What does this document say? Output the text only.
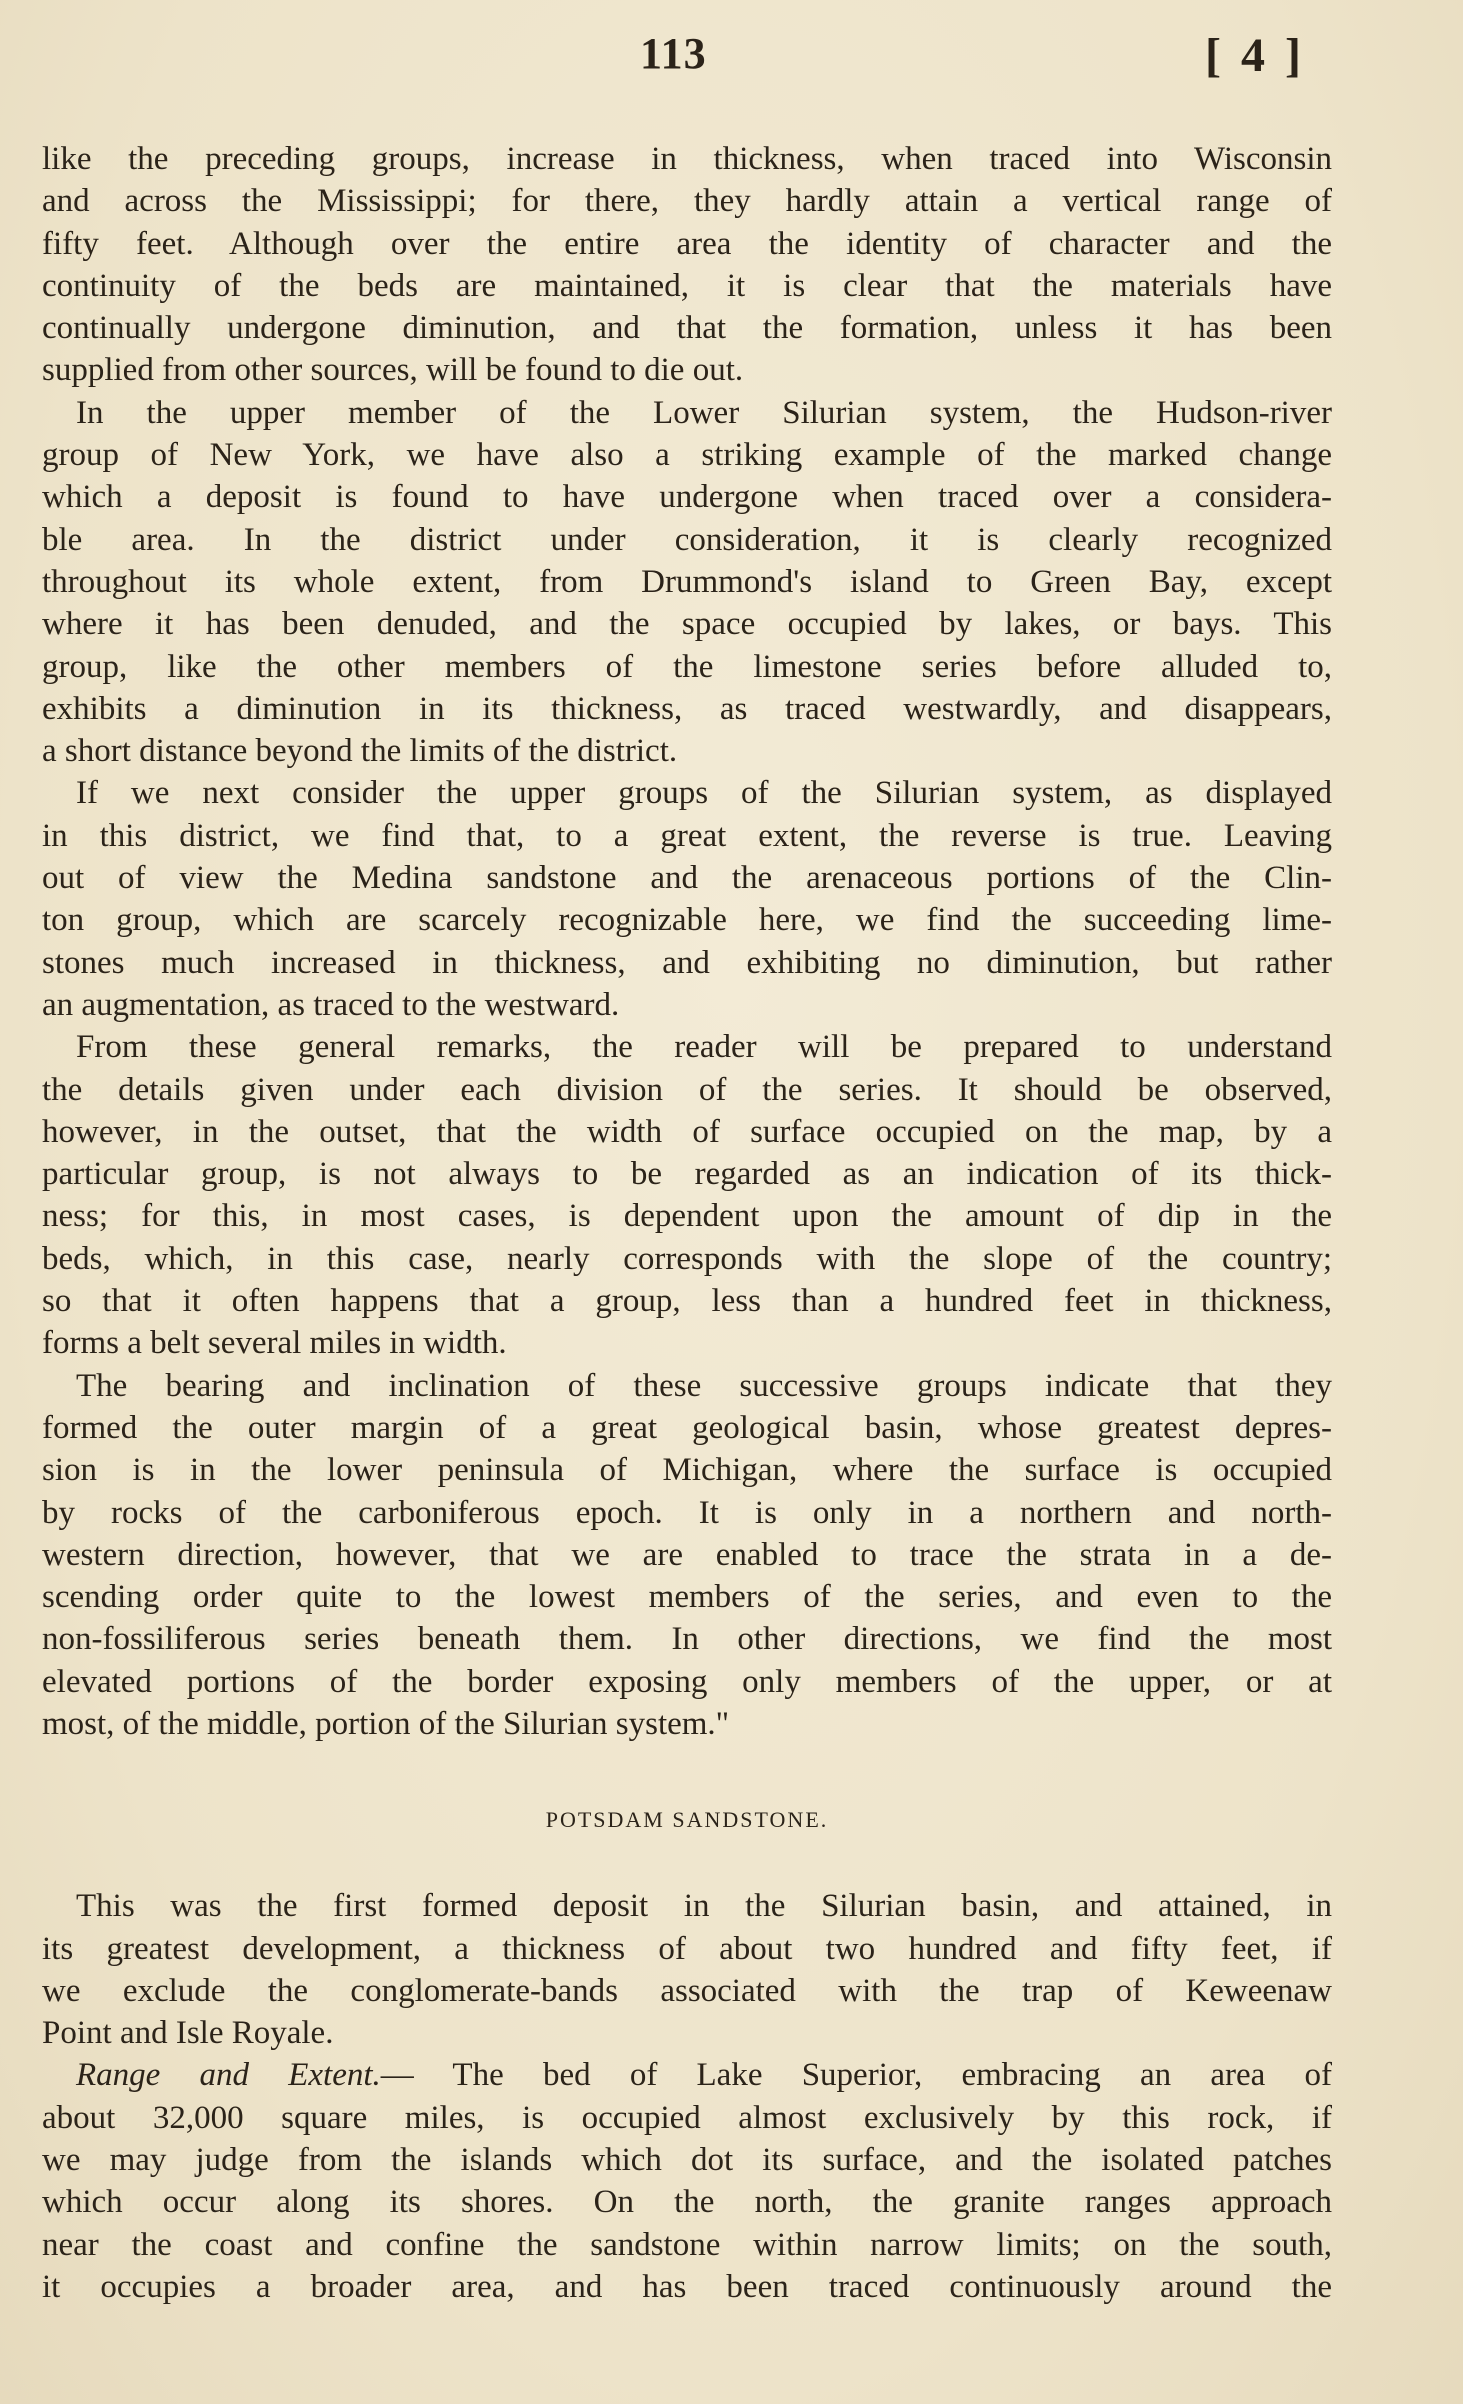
113	[ 4 ]
like the preceding groups, increase in thickness, when traced into Wisconsin
and across the Mississippi; for there, they hardly attain a vertical range of
fifty feet. Although over the entire area the identity of character and the
continuity of the beds are maintained, it is clear that the materials have
continually undergone diminution, and that the formation, unless it has been
supplied from other sources, will be found to die out.
In the upper member of the Lower Silurian system, the Hudson-river
group of New York, we have also a striking example of the marked change
which a deposit is found to have undergone when traced over a considera-
ble area. In the district under consideration, it is clearly recognized
throughout its whole extent, from Drummond's island to Green Bay, except
where it has been denuded, and the space occupied by lakes, or bays. This
group, like the other members of the limestone series before alluded to,
exhibits a diminution in its thickness, as traced westwardly, and disappears,
a short distance beyond the limits of the district.
If we next consider the upper groups of the Silurian system, as displayed
in this district, we find that, to a great extent, the reverse is true. Leaving
out of view the Medina sandstone and the arenaceous portions of the Clin-
ton group, which are scarcely recognizable here, we find the succeeding lime-
stones much increased in thickness, and exhibiting no diminution, but rather
an augmentation, as traced to the westward.
From these general remarks, the reader will be prepared to understand
the details given under each division of the series. It should be observed,
however, in the outset, that the width of surface occupied on the map, by a
particular group, is not always to be regarded as an indication of its thick-
ness; for this, in most cases, is dependent upon the amount of dip in the
beds, which, in this case, nearly corresponds with the slope of the country;
so that it often happens that a group, less than a hundred feet in thickness,
forms a belt several miles in width.
The bearing and inclination of these successive groups indicate that they
formed the outer margin of a great geological basin, whose greatest depres-
sion is in the lower peninsula of Michigan, where the surface is occupied
by rocks of the carboniferous epoch. It is only in a northern and north-
western direction, however, that we are enabled to trace the strata in a de-
scending order quite to the lowest members of the series, and even to the
non-fossiliferous series beneath them. In other directions, we find the most
elevated portions of the border exposing only members of the upper, or at
most, of the middle, portion of the Silurian system."
POTSDAM SANDSTONE.
This was the first formed deposit in the Silurian basin, and attained, in
its greatest development, a thickness of about two hundred and fifty feet, if
we exclude the conglomerate-bands associated with the trap of Keweenaw
Point and Isle Royale.
Range and Extent.— The bed of Lake Superior, embracing an area of
about 32,000 square miles, is occupied almost exclusively by this rock, if
we may judge from the islands which dot its surface, and the isolated patches
which occur along its shores. On the north, the granite ranges approach
near the coast and confine the sandstone within narrow limits; on the south,
it occupies a broader area, and has been traced continuously around the
